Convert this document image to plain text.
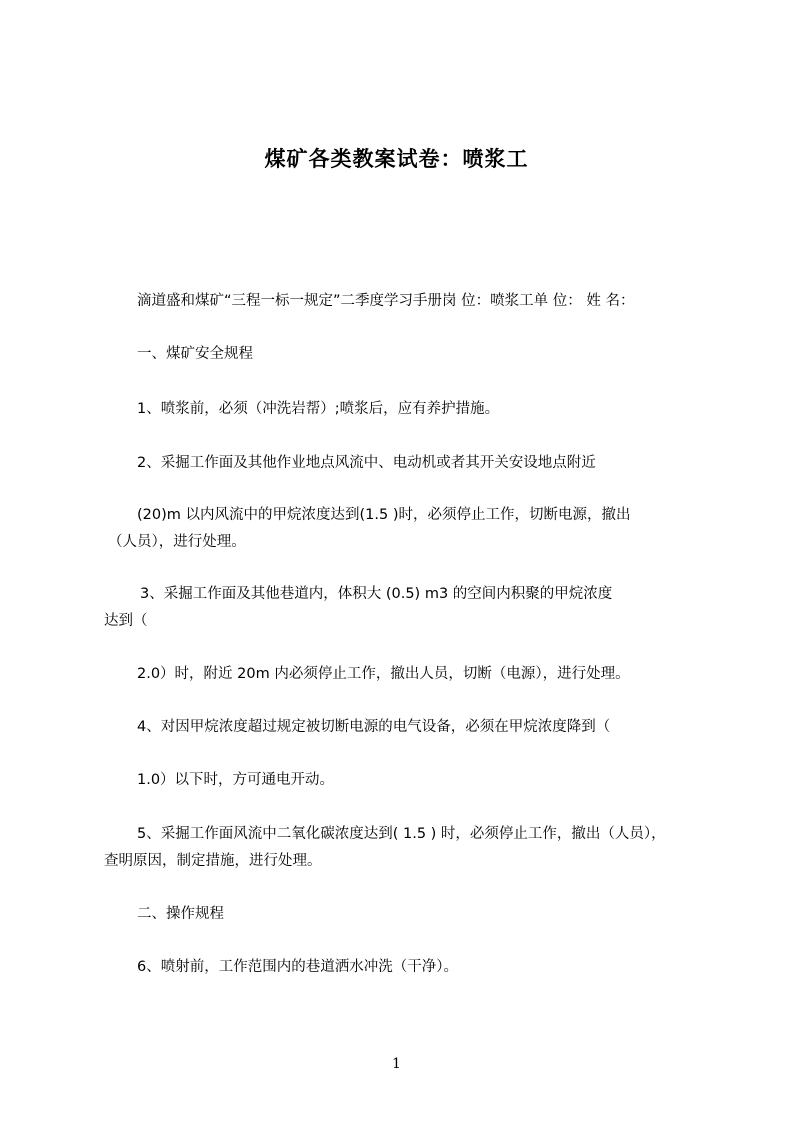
煤矿各类教案试卷：喷浆工
滴道盛和煤矿“三程一标一规定”二季度学习手册岗 位：喷浆工单 位： 姓 名：
一、煤矿安全规程
1、喷浆前，必须（冲洗岩帮）;喷浆后，应有养护措施。
2、采掘工作面及其他作业地点风流中、电动机或者其开关安设地点附近
(20)m 以内风流中的甲烷浓度达到(1.5 )时，必须停止工作，切断电源，撤出
（人员），进行处理。
3、采掘工作面及其他巷道内，体积大 (0.5) m3 的空间内积聚的甲烷浓度
达到（
2.0）时，附近 20m 内必须停止工作，撤出人员，切断（电源），进行处理。
4、对因甲烷浓度超过规定被切断电源的电气设备，必须在甲烷浓度降到（
1.0）以下时，方可通电开动。
5、采掘工作面风流中二氧化碳浓度达到( 1.5 ) 时，必须停止工作，撤出（人员），
查明原因，制定措施，进行处理。
二、操作规程
6、喷射前，工作范围内的巷道洒水冲洗（干净）。
1
